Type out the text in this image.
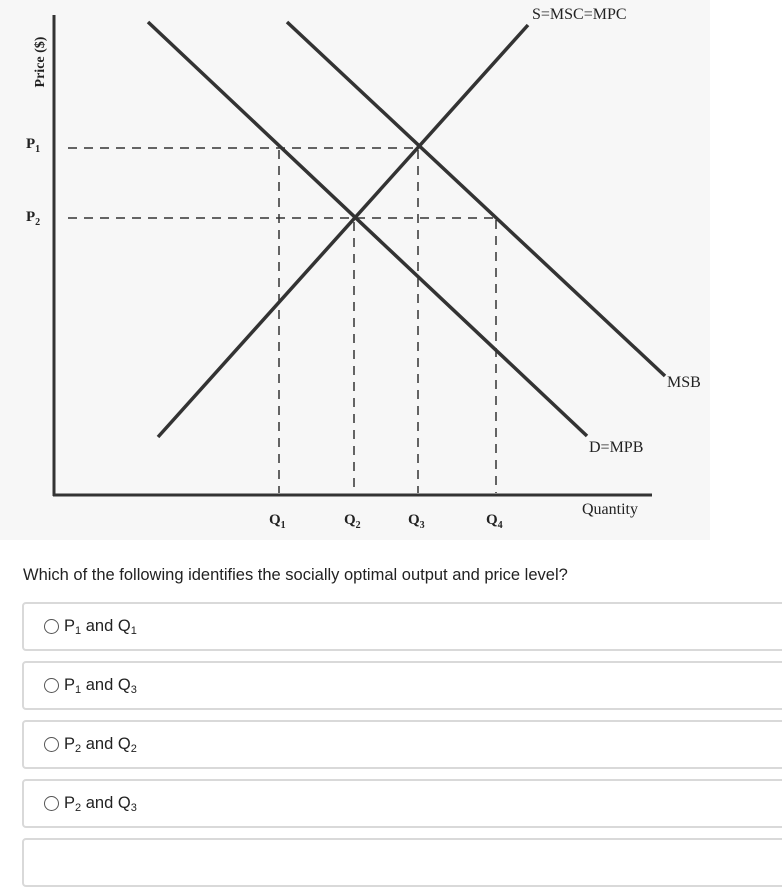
Price ($)
$P_1$
$P_2$
$Q_1$	$Q_2$	$Q_3$	$Q_4$
S=MSC=MPC
D=MPB
MSB
Quantity
Which of the following identifies the socially optimal output and price level?
$P_1$ and $Q_1$
$P_1$ and $Q_3$
$P_2$ and $Q_2$
$P_2$ and $Q_3$
